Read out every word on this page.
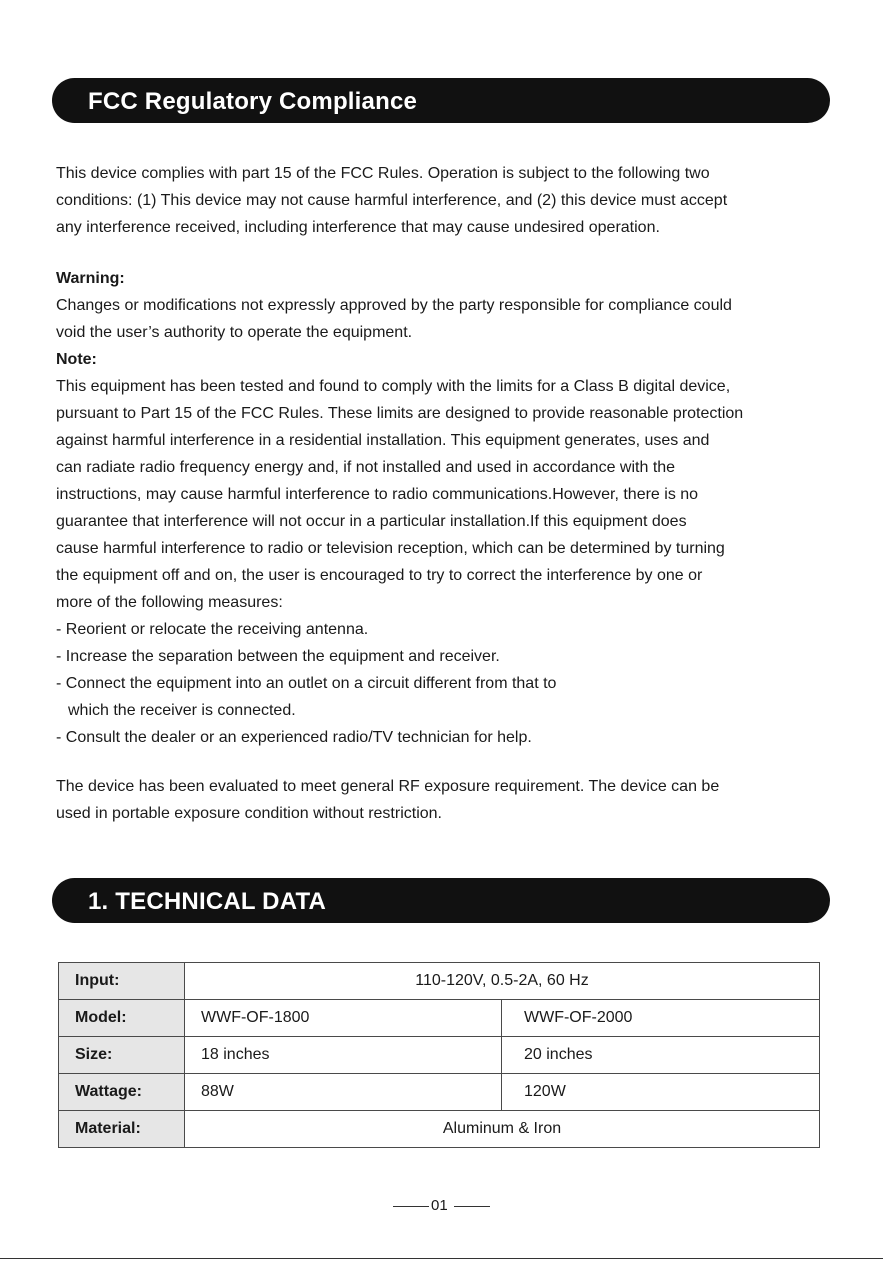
FCC Regulatory Compliance

This device complies with part 15 of the FCC Rules. Operation is subject to the following two

conditions: (1) This device may not cause harmful interference, and (2) this device must accept

any interference received, including interference that may cause undesired operation.

Warning:

Changes or modifications not expressly approved by the party responsible for compliance could

void the user’s authority to operate the equipment.

Note:

This equipment has been tested and found to comply with the limits for a Class B digital device,

pursuant to Part 15 of the FCC Rules. These limits are designed to provide reasonable protection

against harmful interference in a residential installation. This equipment generates, uses and

can radiate radio frequency energy and, if not installed and used in accordance with the

instructions, may cause harmful interference to radio communications.However, there is no

guarantee that interference will not occur in a particular installation.If this equipment does

cause harmful interference to radio or television reception, which can be determined by turning

the equipment off and on, the user is encouraged to try to correct the interference by one or

more of the following measures:

- Reorient or relocate the receiving antenna.

- Increase the separation between the equipment and receiver.

- Connect the equipment into an outlet on a circuit different from that to

which the receiver is connected.

- Consult the dealer or an experienced radio/TV technician for help.

The device has been evaluated to meet general RF exposure requirement. The device can be

used in portable exposure condition without restriction.

1. TECHNICAL DATA
Input:	110-120V, 0.5-2A, 60 Hz	
Model:	WWF-OF-1800	WWF-OF-2000
Size:	18 inches	20 inches
Wattage:	88W	120W
Material:	Aluminum & Iron	
01
